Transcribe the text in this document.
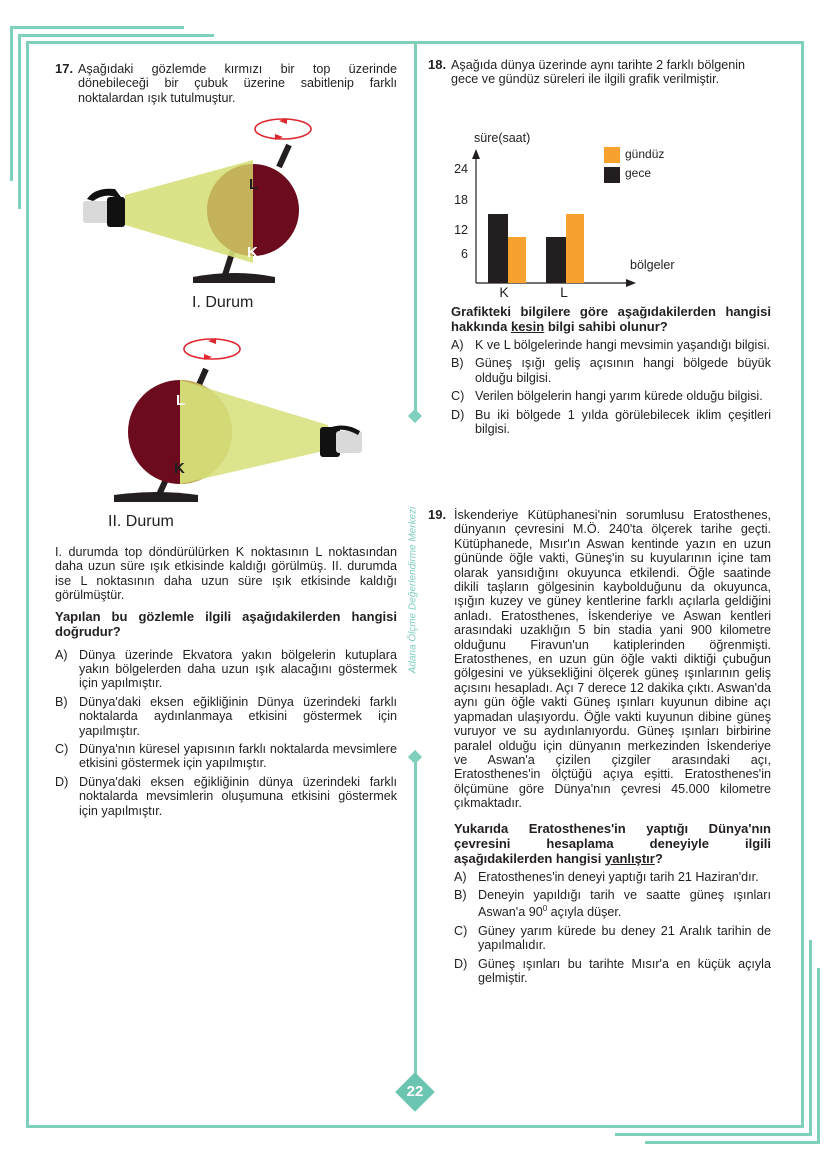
Adana Ölçme Değerlendirme Merkezi
22
17. Aşağıdaki gözlemde kırmızı bir top üzerinde dönebileceği bir çubuk üzerine sabitlenip farklı noktalardan ışık tutulmuştur.
L
K
I. Durum
L
K
II. Durum
I. durumda top döndürülürken K noktasının L noktasından daha uzun süre ışık etkisinde kaldığı görülmüş. II. durumda ise L noktasının daha uzun süre ışık etkisinde kaldığı görülmüştür.
Yapılan bu gözlemle ilgili aşağıdakilerden hangisi doğrudur?
A) Dünya üzerinde Ekvatora yakın bölgelerin kutuplara yakın bölgelerden daha uzun ışık alacağını göstermek için yapılmıştır.
B) Dünya'daki eksen eğikliğinin Dünya üzerindeki farklı noktalarda aydınlanmaya etkisini göstermek için yapılmıştır.
C) Dünya'nın küresel yapısının farklı noktalarda mevsimlere etkisini göstermek için yapılmıştır.
D) Dünya'daki eksen eğikliğinin dünya üzerindeki farklı noktalarda mevsimlerin oluşumuna etkisini göstermek için yapılmıştır.
18. Aşağıda dünya üzerinde aynı tarihte 2 farklı bölgenin gece ve gündüz süreleri ile ilgili grafik verilmiştir.
süre(saat)
24
18
12
6
K	L
bölgeler
gündüz
gece
Grafikteki bilgilere göre aşağıdakilerden hangisi hakkında kesin bilgi sahibi olunur?
A) K ve L bölgelerinde hangi mevsimin yaşandığı bilgisi.
B) Güneş ışığı geliş açısının hangi bölgede büyük olduğu bilgisi.
C) Verilen bölgelerin hangi yarım kürede olduğu bilgisi.
D) Bu iki bölgede 1 yılda görülebilecek iklim çeşitleri bilgisi.
19. İskenderiye Kütüphanesi'nin sorumlusu Eratosthenes, dünyanın çevresini M.Ö. 240'ta ölçerek tarihe geçti. Kütüphanede, Mısır'ın Aswan kentinde yazın en uzun gününde öğle vakti, Güneş'in su kuyularının içine tam olarak yansıdığını okuyunca etkilendi. Öğle saatinde dikili taşların gölgesinin kaybolduğunu da okuyunca, ışığın kuzey ve güney kentlerine farklı açılarla geldiğini anladı. Eratosthenes, İskenderiye ve Aswan kentleri arasındaki uzaklığın 5 bin stadia yani 900 kilometre olduğunu Firavun'un katiplerinden öğrenmişti. Eratosthenes, en uzun gün öğle vakti diktiği çubuğun gölgesini ve yüksekliğini ölçerek güneş ışınlarının geliş açısını hesapladı. Açı 7 derece 12 dakika çıktı. Aswan'da aynı gün öğle vakti Güneş ışınları kuyunun dibine açı yapmadan ulaşıyordu. Öğle vakti kuyunun dibine güneş vuruyor ve su aydınlanıyordu. Güneş ışınları birbirine paralel olduğu için dünyanın merkezinden İskenderiye ve Aswan'a çizilen çizgiler arasındaki açı, Eratosthenes'in ölçtüğü açıya eşitti. Eratosthenes'in ölçümüne göre Dünya'nın çevresi 45.000 kilometre çıkmaktadır.
Yukarıda Eratosthenes'in yaptığı Dünya'nın çevresini hesaplama deneyiyle ilgili aşağıdakilerden hangisi yanlıştır?
A) Eratosthenes'in deneyi yaptığı tarih 21 Haziran'dır.
B) Deneyin yapıldığı tarih ve saatte güneş ışınları Aswan'a $90^0$ açıyla düşer.
C) Güney yarım kürede bu deney 21 Aralık tarihin de yapılmalıdır.
D) Güneş ışınları bu tarihte Mısır'a en küçük açıyla gelmiştir.
